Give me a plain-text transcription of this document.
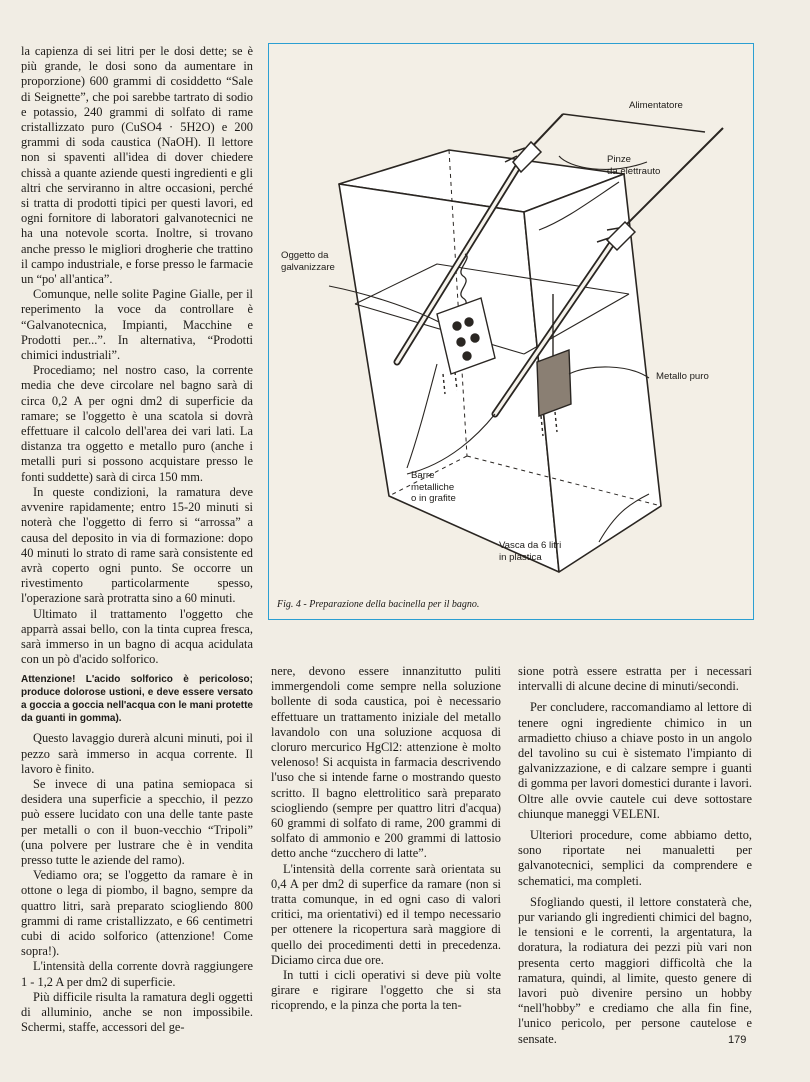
la capienza di sei litri per le dosi dette; se è più grande, le dosi sono da aumentare in proporzione) 600 grammi di cosiddetto “Sale di Seignette”, che poi sarebbe tartrato di sodio e potassio, 240 grammi di solfato di rame cristallizzato puro (CuSO4 · 5H2O) e 200 grammi di soda caustica (NaOH). Il lettore non si spaventi all'idea di dover chiedere chissà a quante aziende questi ingredienti e gli altri che serviranno in altre occasioni, perché si tratta di prodotti tipici per questi lavori, ed ogni fornitore di laboratori galvanotecnici ne ha una notevole scorta. Inoltre, si trovano anche presso le migliori drogherie che trattino il campo industriale, e forse presso le farmacie un “po' all'antica”.

Comunque, nelle solite Pagine Gialle, per il reperimento la voce da controllare è “Galvanotecnica, Impianti, Macchine e Prodotti per...”. In alternativa, “Prodotti chimici industriali”.

Procediamo; nel nostro caso, la corrente media che deve circolare nel bagno sarà di circa 0,2 A per ogni dm2 di superficie da ramare; se l'oggetto è una scatola si dovrà effettuare il calcolo dell'area dei vari lati. La distanza tra oggetto e metallo puro (anche i metalli puri si possono acquistare presso le fonti suddette) sarà di circa 150 mm.

In queste condizioni, la ramatura deve avvenire rapidamente; entro 15-20 minuti si noterà che l'oggetto di ferro si “arrossa” a causa del deposito in via di formazione: dopo 40 minuti lo strato di rame sarà consistente ed avrà coperto ogni punto. Se occorre un rivestimento particolarmente spesso, l'operazione sarà protratta sino a 60 minuti.

Ultimato il trattamento l'oggetto che apparrà assai bello, con la tinta cuprea fresca, sarà immerso in un bagno di acqua acidulata con un pò d'acido solforico.

Attenzione! L'acido solforico è pericoloso; produce dolorose ustioni, e deve essere versato a goccia a goccia nell'acqua con le mani protette da guanti in gomma).

Questo lavaggio durerà alcuni minuti, poi il pezzo sarà immerso in acqua corrente. Il lavoro è finito.

Se invece di una patina semiopaca si desidera una superficie a specchio, il pezzo può essere lucidato con una delle tante paste per metalli o con il buon-vecchio “Tripoli” (una polvere per lustrare che è in vendita presso tutte le aziende del ramo).

Vediamo ora; se l'oggetto da ramare è in ottone o lega di piombo, il bagno, sempre da quattro litri, sarà preparato sciogliendo 800 grammi di rame cristallizzato, e 66 centimetri cubi di acido solforico (attenzione! Come sopra!).

L'intensità della corrente dovrà raggiungere 1 - 1,2 A per dm2 di superficie.

Più difficile risulta la ramatura degli oggetti di alluminio, anche se non impossibile. Schermi, staffe, accessori del ge-

Alimentatore
Pinze
da elettrauto
Oggetto da
galvanizzare
Metallo puro
Barre
metalliche
o in grafite
Vasca da 6 litri
in plastica
Fig. 4 - Preparazione della bacinella per il bagno.

nere, devono essere innanzitutto puliti immergendoli come sempre nella soluzione bollente di soda caustica, poi è necessario effettuare un trattamento iniziale del metallo lavandolo con una soluzione acquosa di cloruro mercurico HgCl2: attenzione è molto velenoso! Si acquista in farmacia descrivendo l'uso che si intende farne o mostrando questo scritto. Il bagno elettrolitico sarà preparato sciogliendo (sempre per quattro litri d'acqua) 60 grammi di solfato di rame, 200 grammi di solfato di ammonio e 200 grammi di lattosio detto anche “zucchero di latte”.

L'intensità della corrente sarà orientata su 0,4 A per dm2 di superfice da ramare (non si tratta comunque, in ed ogni caso di valori critici, ma orientativi) ed il tempo necessario per ottenere la ricopertura sarà maggiore di quello dei procedimenti detti in precedenza. Diciamo circa due ore.

In tutti i cicli operativi si deve più volte girare e rigirare l'oggetto che si sta ricoprendo, e la pinza che porta la ten-

sione potrà essere estratta per i necessari intervalli di alcune decine di minuti/secondi.

Per concludere, raccomandiamo al lettore di tenere ogni ingrediente chimico in un armadietto chiuso a chiave posto in un angolo del tavolino su cui è sistemato l'impianto di galvanizzazione, e di calzare sempre i guanti di gomma per lavori domestici durante i lavori. Oltre alle ovvie cautele cui deve sottostare chiunque maneggi VELENI.

Ulteriori procedure, come abbiamo detto, sono riportate nei manualetti per galvanotecnici, semplici da comprendere e schematici, ma completi.

Sfogliando questi, il lettore constaterà che, pur variando gli ingredienti chimici del bagno, le tensioni e le correnti, la argentatura, la doratura, la rodiatura dei pezzi più vari non presenta certo maggiori difficoltà che la ramatura, quindi, al limite, questo genere di lavori può divenire persino un hobby “nell'hobby” e crediamo che alla fin fine, l'unico pericolo, per persone cautelose e sensate.	179
